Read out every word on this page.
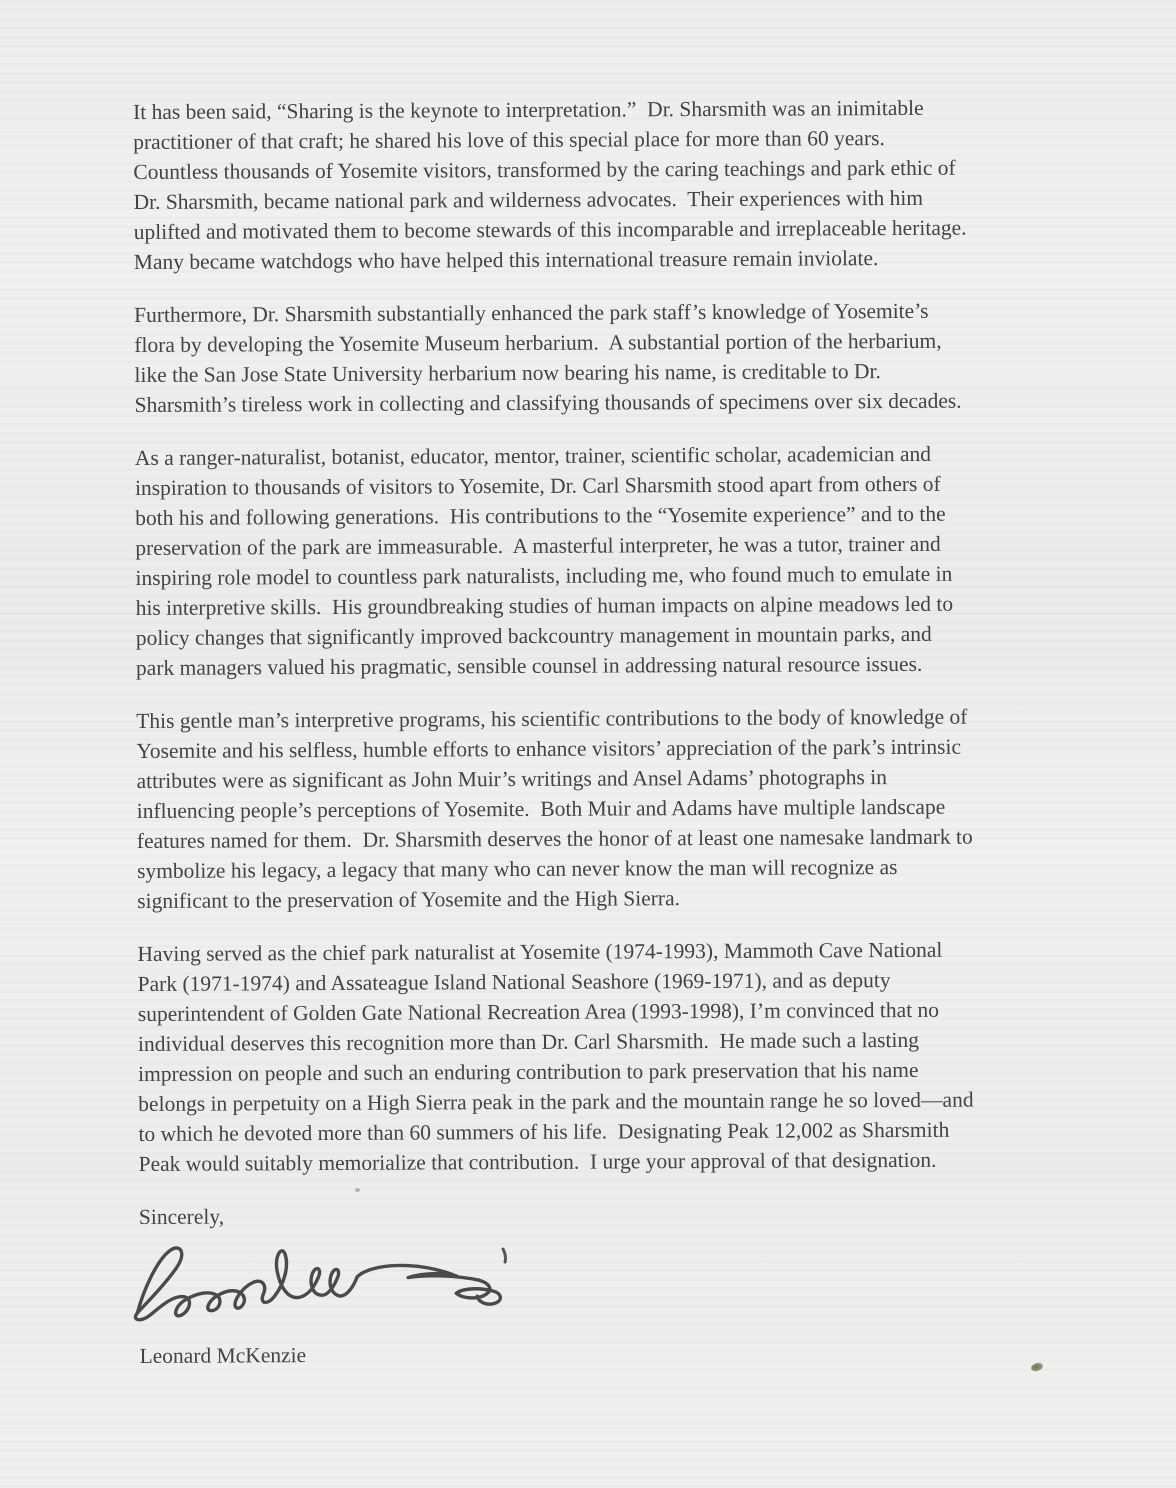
It has been said, “Sharing is the keynote to interpretation.”  Dr. Sharsmith was an inimitable
practitioner of that craft; he shared his love of this special place for more than 60 years.
Countless thousands of Yosemite visitors, transformed by the caring teachings and park ethic of
Dr. Sharsmith, became national park and wilderness advocates.  Their experiences with him
uplifted and motivated them to become stewards of this incomparable and irreplaceable heritage.
Many became watchdogs who have helped this international treasure remain inviolate.

Furthermore, Dr. Sharsmith substantially enhanced the park staff’s knowledge of Yosemite’s
flora by developing the Yosemite Museum herbarium.  A substantial portion of the herbarium,
like the San Jose State University herbarium now bearing his name, is creditable to Dr.
Sharsmith’s tireless work in collecting and classifying thousands of specimens over six decades.

As a ranger-naturalist, botanist, educator, mentor, trainer, scientific scholar, academician and
inspiration to thousands of visitors to Yosemite, Dr. Carl Sharsmith stood apart from others of
both his and following generations.  His contributions to the “Yosemite experience” and to the
preservation of the park are immeasurable.  A masterful interpreter, he was a tutor, trainer and
inspiring role model to countless park naturalists, including me, who found much to emulate in
his interpretive skills.  His groundbreaking studies of human impacts on alpine meadows led to
policy changes that significantly improved backcountry management in mountain parks, and
park managers valued his pragmatic, sensible counsel in addressing natural resource issues.

This gentle man’s interpretive programs, his scientific contributions to the body of knowledge of
Yosemite and his selfless, humble efforts to enhance visitors’ appreciation of the park’s intrinsic
attributes were as significant as John Muir’s writings and Ansel Adams’ photographs in
influencing people’s perceptions of Yosemite.  Both Muir and Adams have multiple landscape
features named for them.  Dr. Sharsmith deserves the honor of at least one namesake landmark to
symbolize his legacy, a legacy that many who can never know the man will recognize as
significant to the preservation of Yosemite and the High Sierra.

Having served as the chief park naturalist at Yosemite (1974-1993), Mammoth Cave National
Park (1971-1974) and Assateague Island National Seashore (1969-1971), and as deputy
superintendent of Golden Gate National Recreation Area (1993-1998), I’m convinced that no
individual deserves this recognition more than Dr. Carl Sharsmith.  He made such a lasting
impression on people and such an enduring contribution to park preservation that his name
belongs in perpetuity on a High Sierra peak in the park and the mountain range he so loved—and
to which he devoted more than 60 summers of his life.  Designating Peak 12,002 as Sharsmith
Peak would suitably memorialize that contribution.  I urge your approval of that designation.

Sincerely,

Leonard McKenzie
